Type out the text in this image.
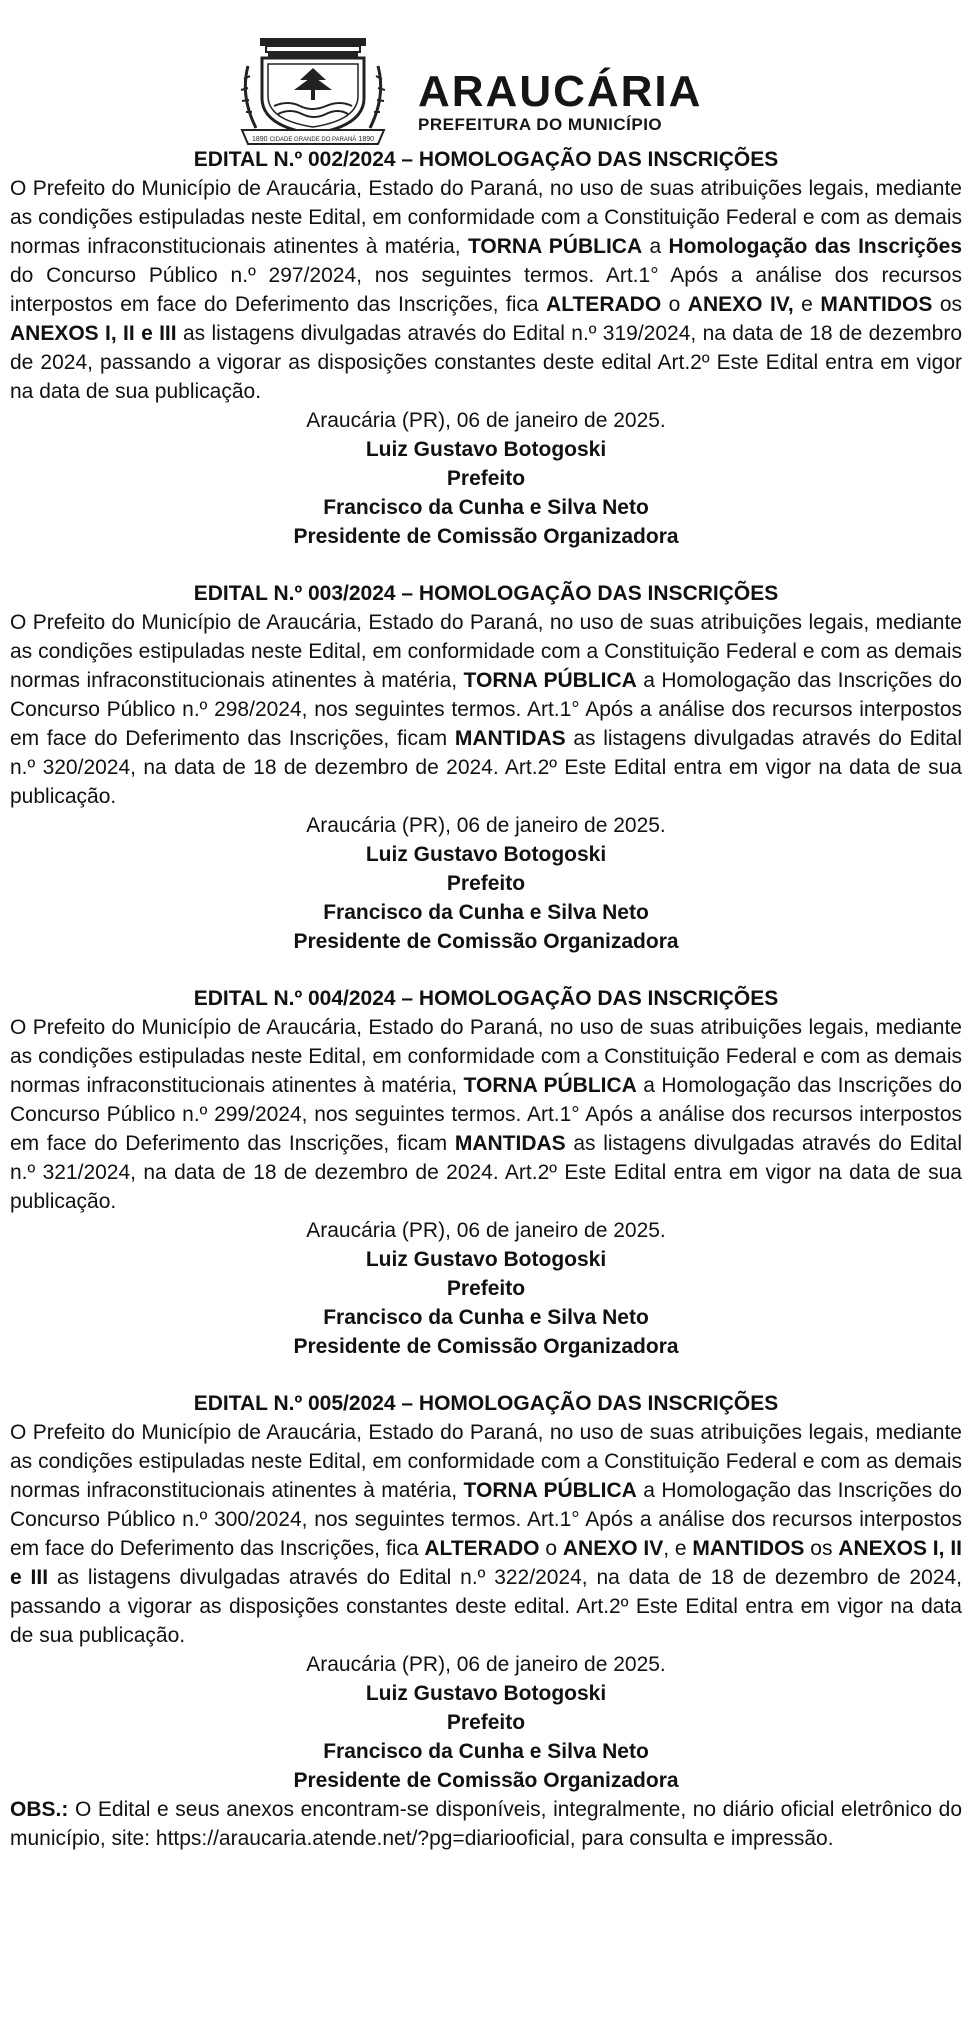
1890 CIDADE GRANDE DO PARANÁ 1890
ARAUCÁRIA
PREFEITURA DO MUNICÍPIO
EDITAL N.º 002/2024 – HOMOLOGAÇÃO DAS INSCRIÇÕES

O Prefeito do Município de Araucária, Estado do Paraná, no uso de suas atribuições legais, mediante as condições estipuladas neste Edital, em conformidade com a Constituição Federal e com as demais normas infraconstitucionais atinentes à matéria, TORNA PÚBLICA a Homologação das Inscrições do Concurso Público n.º 297/2024, nos seguintes termos. Art.1° Após a análise dos recursos interpostos em face do Deferimento das Inscrições, fica ALTERADO o ANEXO IV, e MANTIDOS os ANEXOS I, II e III as listagens divulgadas através do Edital n.º 319/2024, na data de 18 de dezembro de 2024, passando a vigorar as disposições constantes deste edital Art.2º Este Edital entra em vigor na data de sua publicação.

Araucária (PR), 06 de janeiro de 2025.
Luiz Gustavo Botogoski
Prefeito
Francisco da Cunha e Silva Neto
Presidente de Comissão Organizadora
EDITAL N.º 003/2024 – HOMOLOGAÇÃO DAS INSCRIÇÕES

O Prefeito do Município de Araucária, Estado do Paraná, no uso de suas atribuições legais, mediante as condições estipuladas neste Edital, em conformidade com a Constituição Federal e com as demais normas infraconstitucionais atinentes à matéria, TORNA PÚBLICA a Homologação das Inscrições do Concurso Público n.º 298/2024, nos seguintes termos. Art.1° Após a análise dos recursos interpostos em face do Deferimento das Inscrições, ficam MANTIDAS as listagens divulgadas através do Edital n.º 320/2024, na data de 18 de dezembro de 2024. Art.2º Este Edital entra em vigor na data de sua publicação.

Araucária (PR), 06 de janeiro de 2025.
Luiz Gustavo Botogoski
Prefeito
Francisco da Cunha e Silva Neto
Presidente de Comissão Organizadora
EDITAL N.º 004/2024 – HOMOLOGAÇÃO DAS INSCRIÇÕES

O Prefeito do Município de Araucária, Estado do Paraná, no uso de suas atribuições legais, mediante as condições estipuladas neste Edital, em conformidade com a Constituição Federal e com as demais normas infraconstitucionais atinentes à matéria, TORNA PÚBLICA a Homologação das Inscrições do Concurso Público n.º 299/2024, nos seguintes termos. Art.1° Após a análise dos recursos interpostos em face do Deferimento das Inscrições, ficam MANTIDAS as listagens divulgadas através do Edital n.º 321/2024, na data de 18 de dezembro de 2024. Art.2º Este Edital entra em vigor na data de sua publicação.

Araucária (PR), 06 de janeiro de 2025.
Luiz Gustavo Botogoski
Prefeito
Francisco da Cunha e Silva Neto
Presidente de Comissão Organizadora
EDITAL N.º 005/2024 – HOMOLOGAÇÃO DAS INSCRIÇÕES

O Prefeito do Município de Araucária, Estado do Paraná, no uso de suas atribuições legais, mediante as condições estipuladas neste Edital, em conformidade com a Constituição Federal e com as demais normas infraconstitucionais atinentes à matéria, TORNA PÚBLICA a Homologação das Inscrições do Concurso Público n.º 300/2024, nos seguintes termos. Art.1° Após a análise dos recursos interpostos em face do Deferimento das Inscrições, fica ALTERADO o ANEXO IV, e MANTIDOS os ANEXOS I, II e III as listagens divulgadas através do Edital n.º 322/2024, na data de 18 de dezembro de 2024, passando a vigorar as disposições constantes deste edital. Art.2º Este Edital entra em vigor na data de sua publicação.

Araucária (PR), 06 de janeiro de 2025.
Luiz Gustavo Botogoski
Prefeito
Francisco da Cunha e Silva Neto
Presidente de Comissão Organizadora

OBS.: O Edital e seus anexos encontram-se disponíveis, integralmente, no diário oficial eletrônico do município, site: https://araucaria.atende.net/?pg=diariooficial, para consulta e impressão.
